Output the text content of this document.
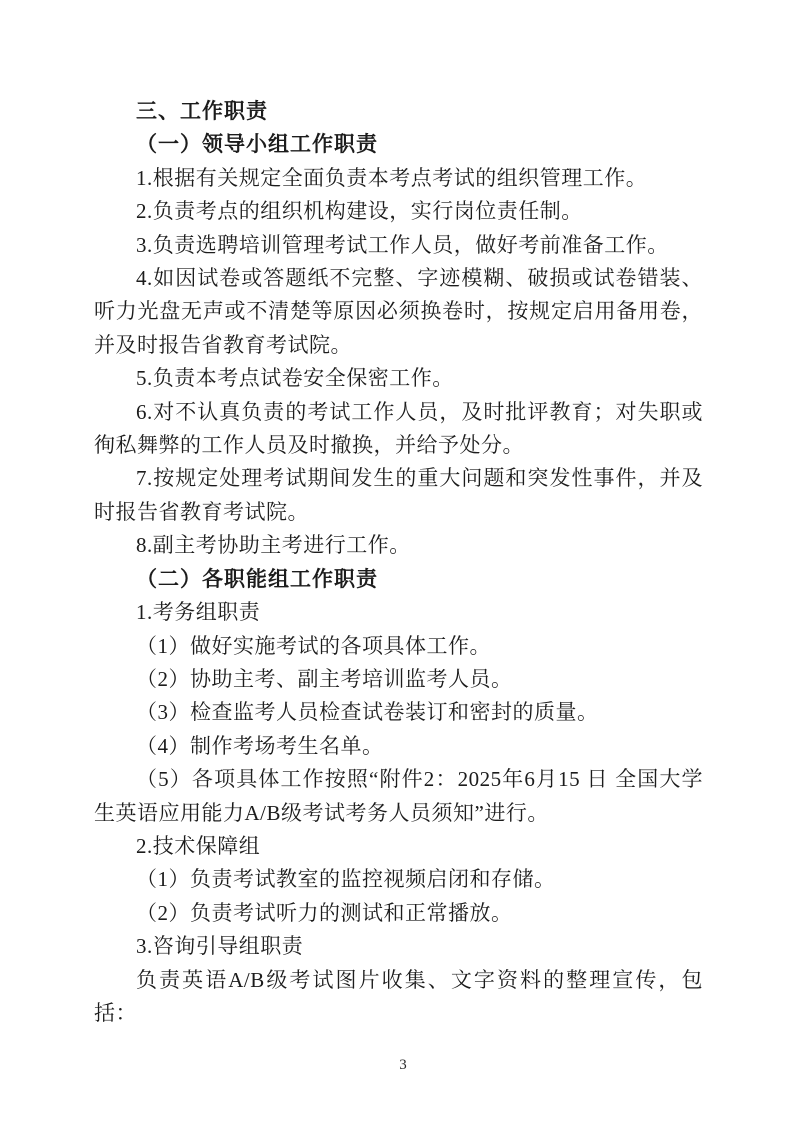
三、工作职责

（一）领导小组工作职责

1.根据有关规定全面负责本考点考试的组织管理工作。

2.负责考点的组织机构建设，实行岗位责任制。

3.负责选聘培训管理考试工作人员，做好考前准备工作。

4.如因试卷或答题纸不完整、字迹模糊、破损或试卷错装、听力光盘无声或不清楚等原因必须换卷时，按规定启用备用卷，并及时报告省教育考试院。

5.负责本考点试卷安全保密工作。

6.对不认真负责的考试工作人员，及时批评教育；对失职或徇私舞弊的工作人员及时撤换，并给予处分。

7.按规定处理考试期间发生的重大问题和突发性事件，并及时报告省教育考试院。

8.副主考协助主考进行工作。

（二）各职能组工作职责

1.考务组职责

（1）做好实施考试的各项具体工作。

（2）协助主考、副主考培训监考人员。

（3）检查监考人员检查试卷装订和密封的质量。

（4）制作考场考生名单。

（5）各项具体工作按照“附件2：2025年6月15 日 全国大学生英语应用能力A/B级考试考务人员须知”进行。

2.技术保障组

（1）负责考试教室的监控视频启闭和存储。

（2）负责考试听力的测试和正常播放。

3.咨询引导组职责

负责英语A/B级考试图片收集、文字资料的整理宣传，包括：

3
